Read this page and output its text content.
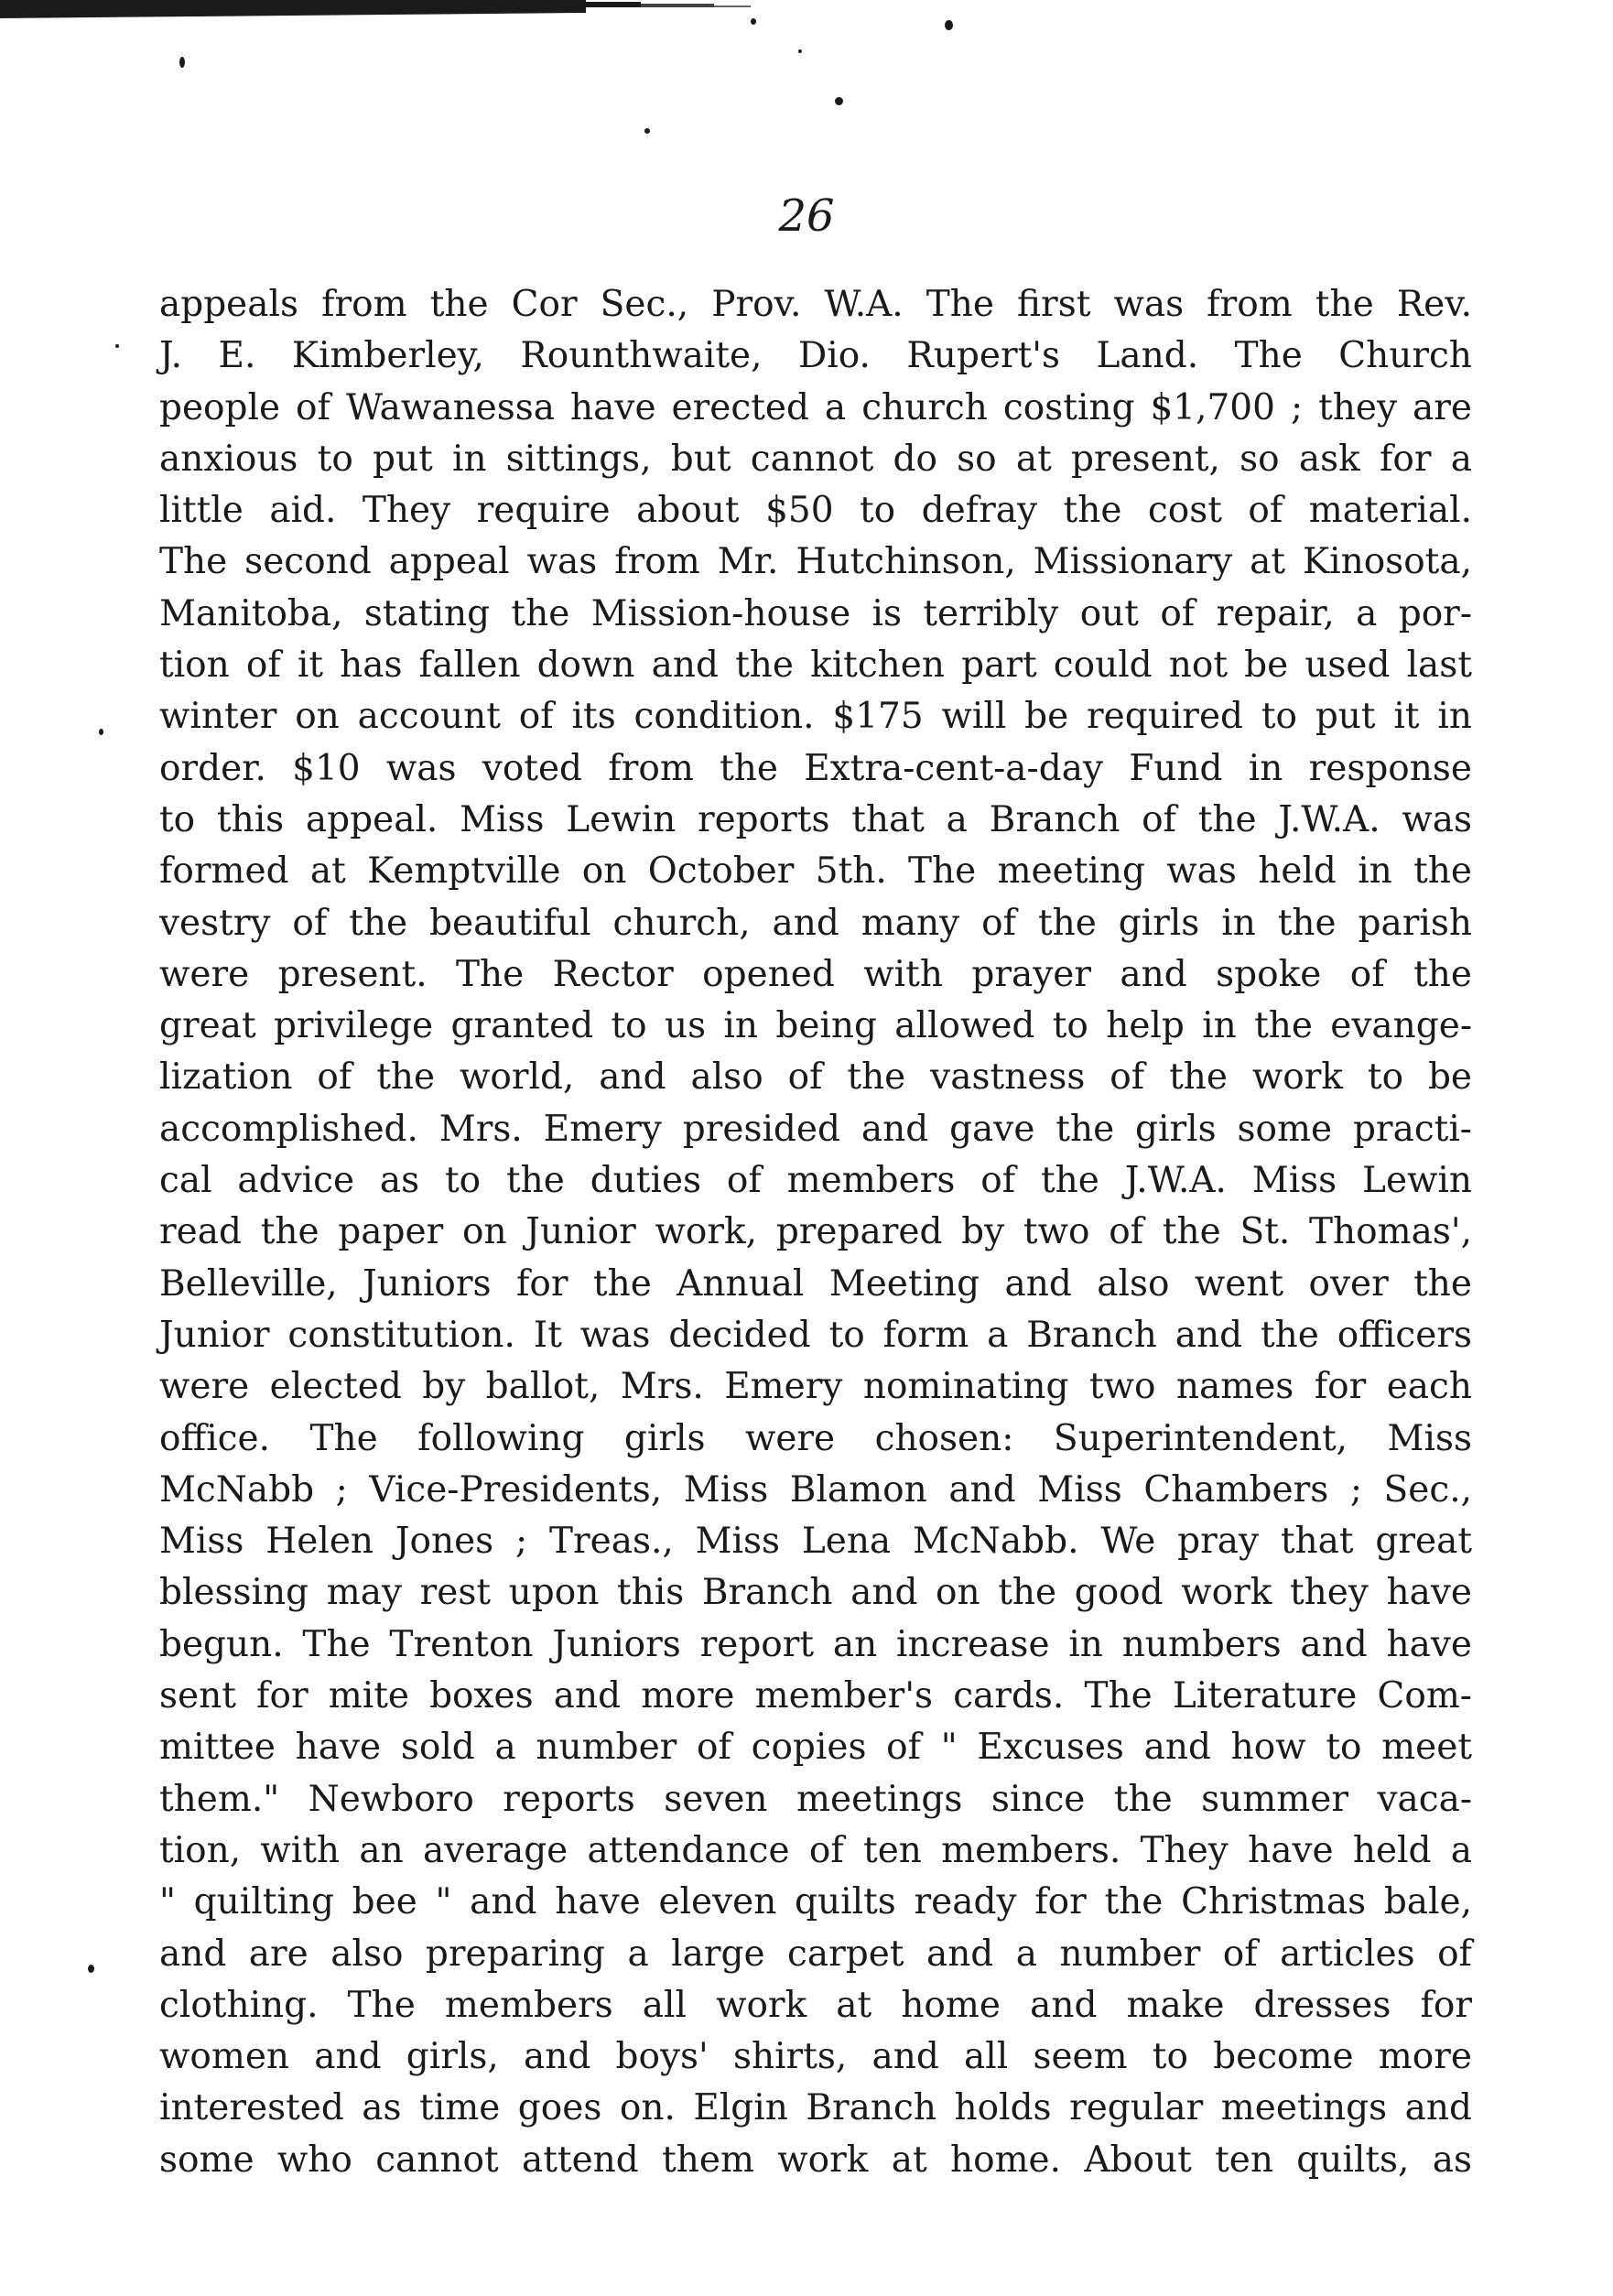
26
appeals from the Cor Sec., Prov. W.A. The first was from the Rev.
J. E. Kimberley, Rounthwaite, Dio. Rupert's Land. The Church
people of Wawanessa have erected a church costing $1,700 ; they are
anxious to put in sittings, but cannot do so at present, so ask for a
little aid. They require about $50 to defray the cost of material.
The second appeal was from Mr. Hutchinson, Missionary at Kinosota,
Manitoba, stating the Mission-house is terribly out of repair, a por-
tion of it has fallen down and the kitchen part could not be used last
winter on account of its condition. $175 will be required to put it in
order. $10 was voted from the Extra-cent-a-day Fund in response
to this appeal. Miss Lewin reports that a Branch of the J.W.A. was
formed at Kemptville on October 5th. The meeting was held in the
vestry of the beautiful church, and many of the girls in the parish
were present. The Rector opened with prayer and spoke of the
great privilege granted to us in being allowed to help in the evange-
lization of the world, and also of the vastness of the work to be
accomplished. Mrs. Emery presided and gave the girls some practi-
cal advice as to the duties of members of the J.W.A. Miss Lewin
read the paper on Junior work, prepared by two of the St. Thomas',
Belleville, Juniors for the Annual Meeting and also went over the
Junior constitution. It was decided to form a Branch and the officers
were elected by ballot, Mrs. Emery nominating two names for each
office. The following girls were chosen: Superintendent, Miss
McNabb ; Vice-Presidents, Miss Blamon and Miss Chambers ; Sec.,
Miss Helen Jones ; Treas., Miss Lena McNabb. We pray that great
blessing may rest upon this Branch and on the good work they have
begun. The Trenton Juniors report an increase in numbers and have
sent for mite boxes and more member's cards. The Literature Com-
mittee have sold a number of copies of " Excuses and how to meet
them." Newboro reports seven meetings since the summer vaca-
tion, with an average attendance of ten members. They have held a
" quilting bee " and have eleven quilts ready for the Christmas bale,
and are also preparing a large carpet and a number of articles of
clothing. The members all work at home and make dresses for
women and girls, and boys' shirts, and all seem to become more
interested as time goes on. Elgin Branch holds regular meetings and
some who cannot attend them work at home. About ten quilts, as
